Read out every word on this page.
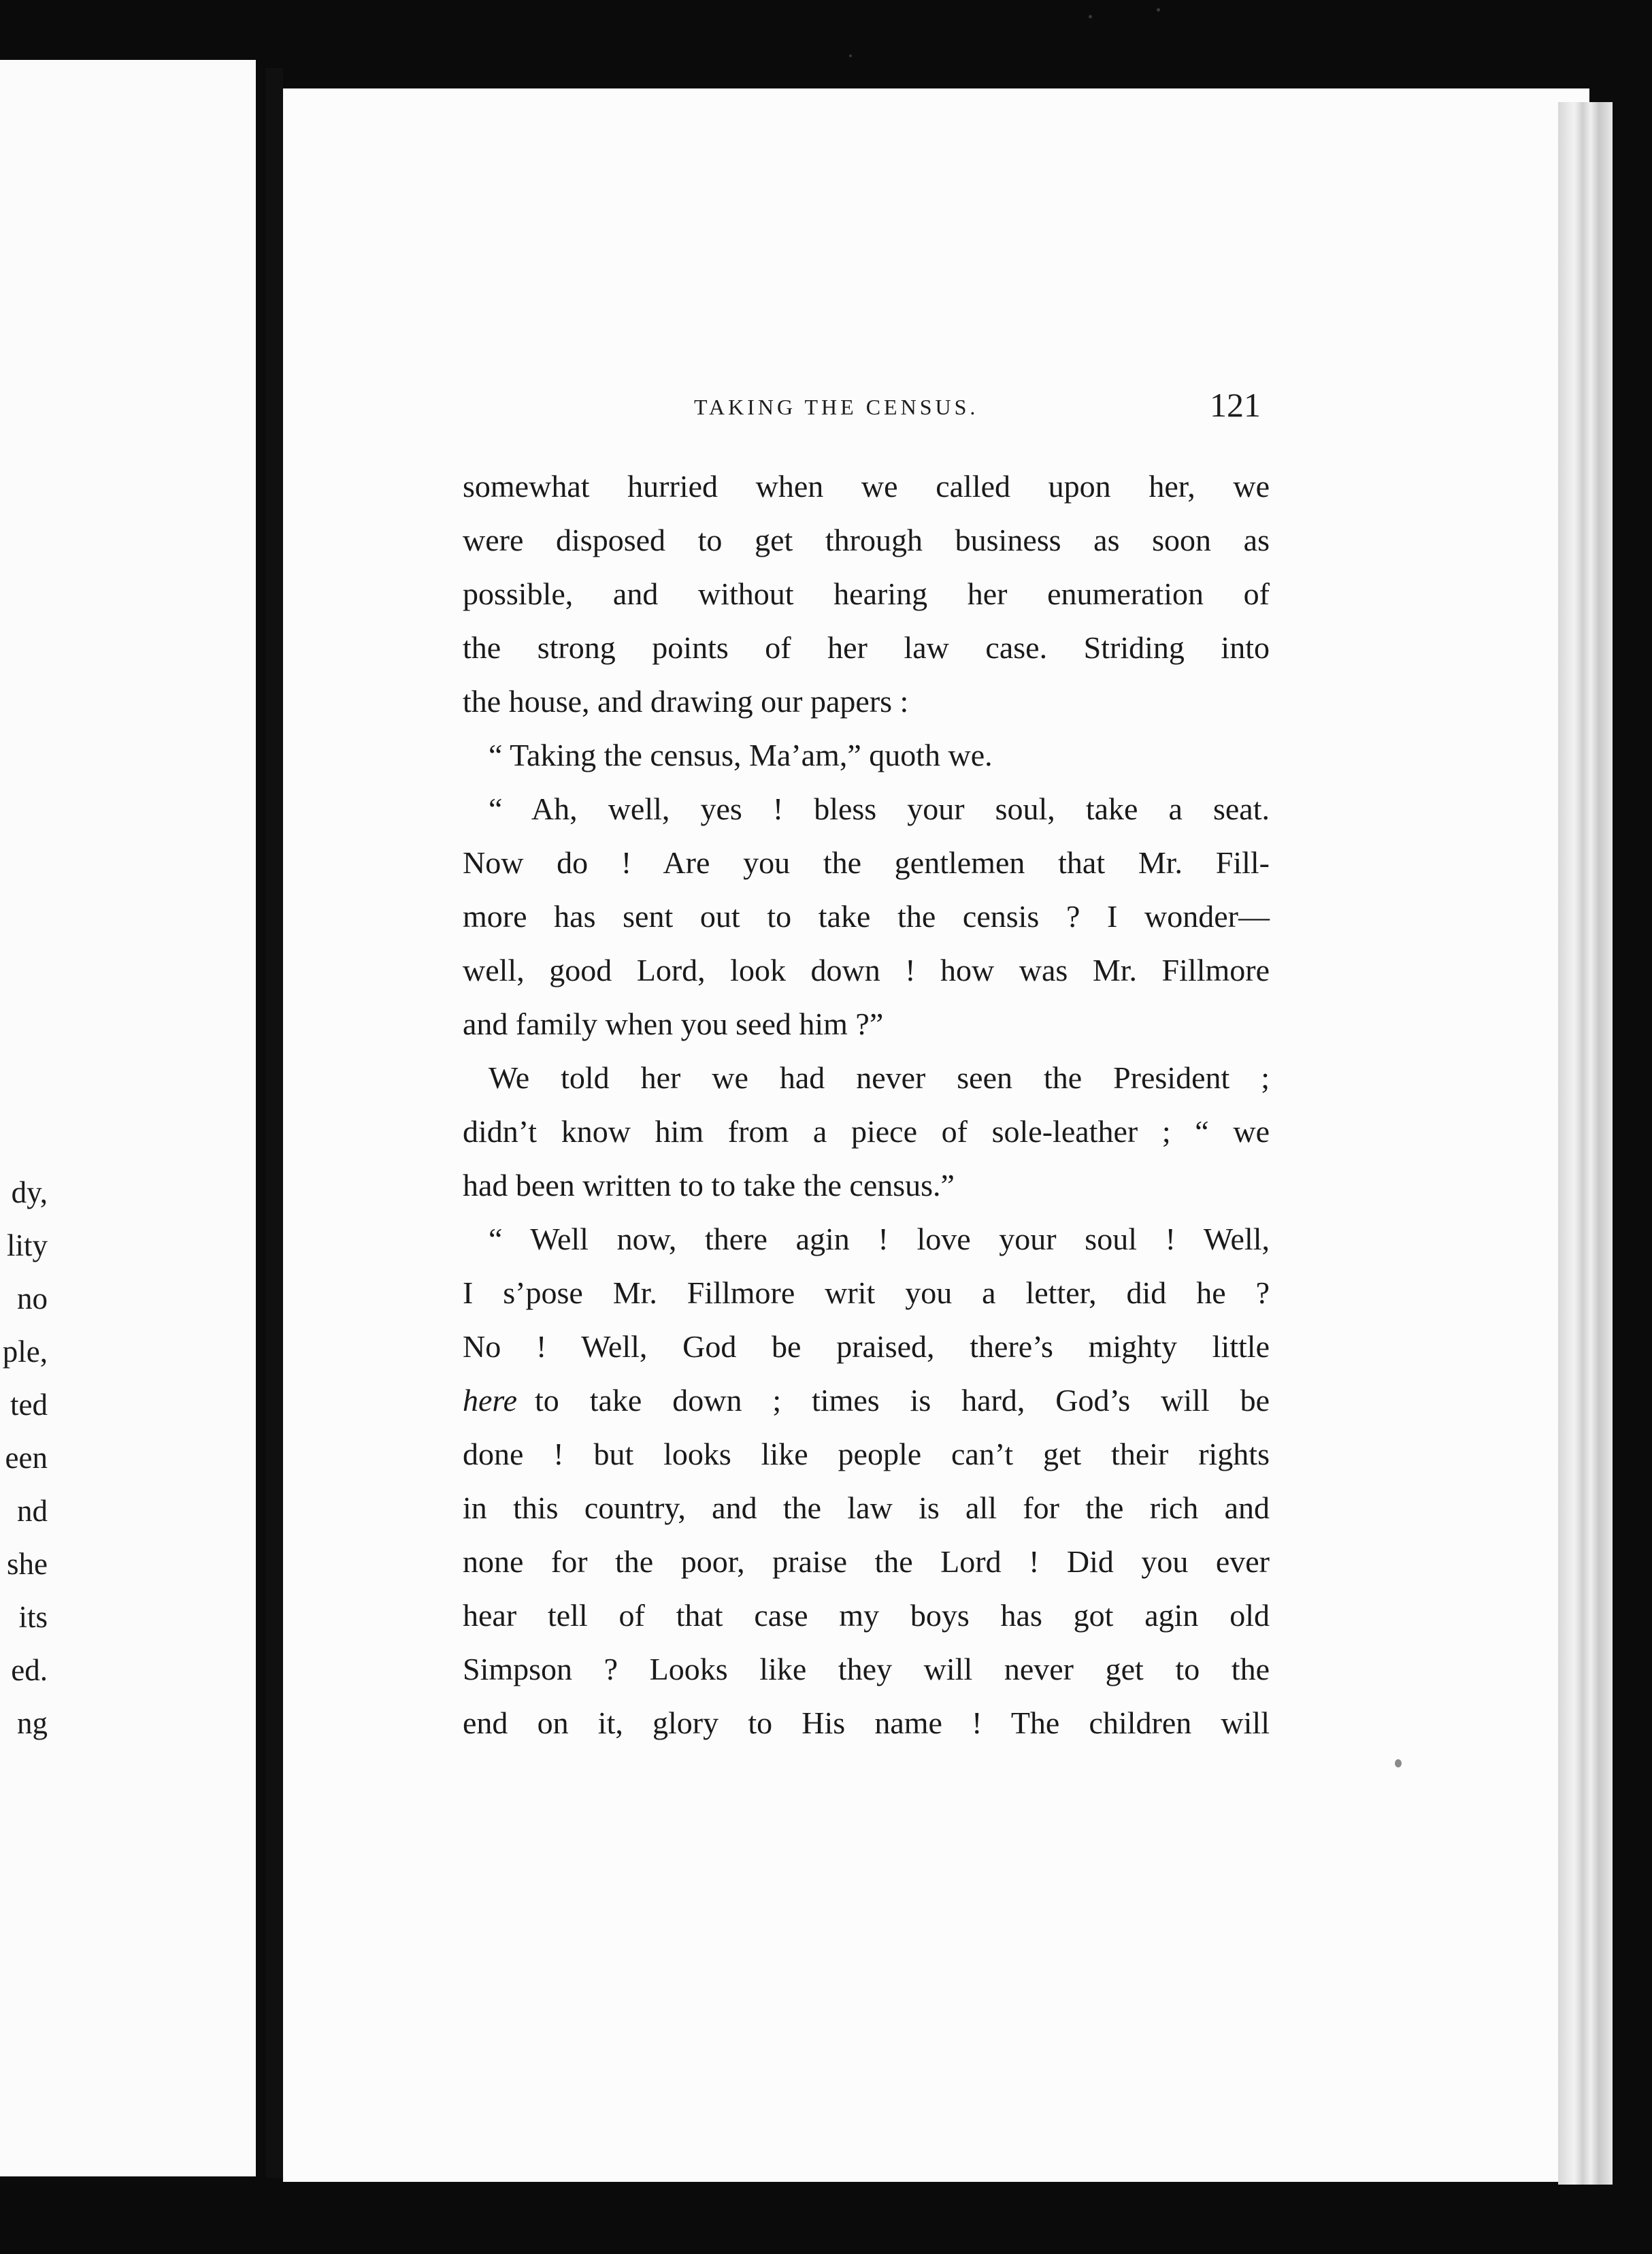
dy,
lity
no
ple,
ted
een
nd
she
its
ed.
ng
TAKING THE CENSUS.	121
somewhat hurried when we called upon her, we
were disposed to get through business as soon as
possible, and without hearing her enumeration of
the strong points of her law case. Striding into
the house, and drawing our papers :
“ Taking the census, Ma’am,” quoth we.
“ Ah, well, yes ! bless your soul, take a seat.
Now do ! Are you the gentlemen that Mr. Fill-
more has sent out to take the censis ? I wonder—
well, good Lord, look down ! how was Mr. Fillmore
and family when you seed him ?”
We told her we had never seen the President ;
didn’t know him from a piece of sole-leather ; “ we
had been written to to take the census.”
“ Well now, there agin ! love your soul ! Well,
I s’pose Mr. Fillmore writ you a letter, did he ?
No ! Well, God be praised, there’s mighty little
here to take down ; times is hard, God’s will be
done ! but looks like people can’t get their rights
in this country, and the law is all for the rich and
none for the poor, praise the Lord ! Did you ever
hear tell of that case my boys has got agin old
Simpson ? Looks like they will never get to the
end on it, glory to His name ! The children will
